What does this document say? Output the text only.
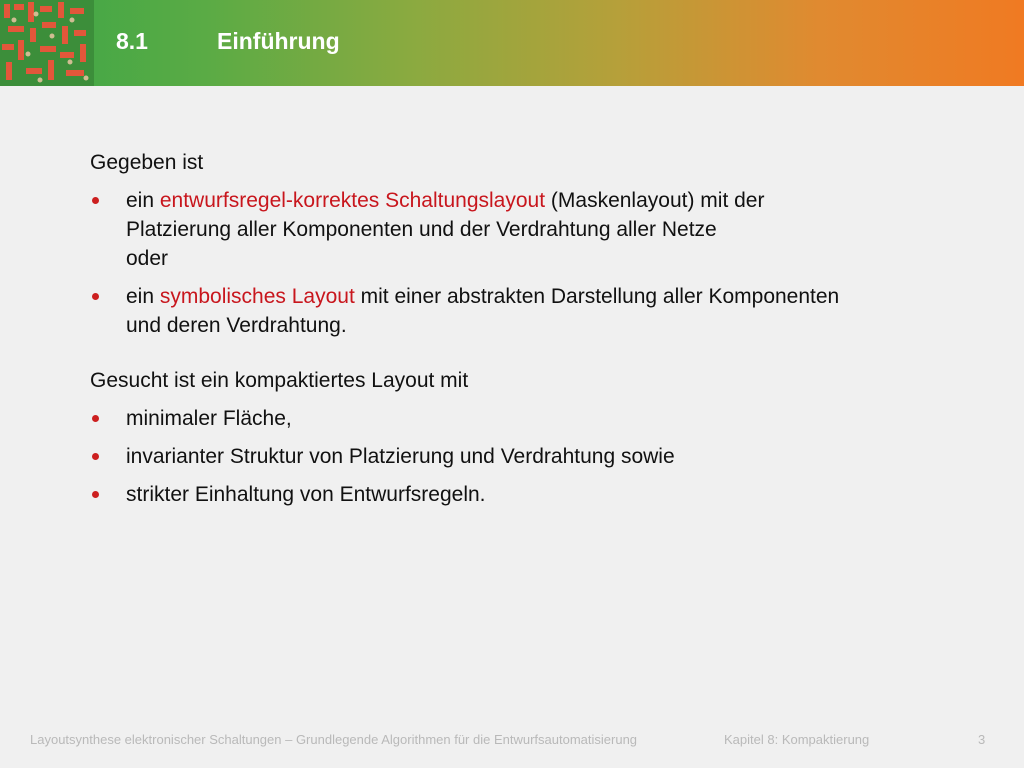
8.1	Einführung

Gegeben ist

ein entwurfsregel-korrektes Schaltungslayout (Maskenlayout) mit der
Platzierung aller Komponenten und der Verdrahtung aller Netze
oder
ein symbolisches Layout mit einer abstrakten Darstellung aller Komponenten
und deren Verdrahtung.

Gesucht ist ein kompaktiertes Layout mit

minimaler Fläche,
invarianter Struktur von Platzierung und Verdrahtung sowie
strikter Einhaltung von Entwurfsregeln.
Layoutsynthese elektronischer Schaltungen – Grundlegende Algorithmen für die Entwurfsautomatisierung	Kapitel 8: Kompaktierung	3
